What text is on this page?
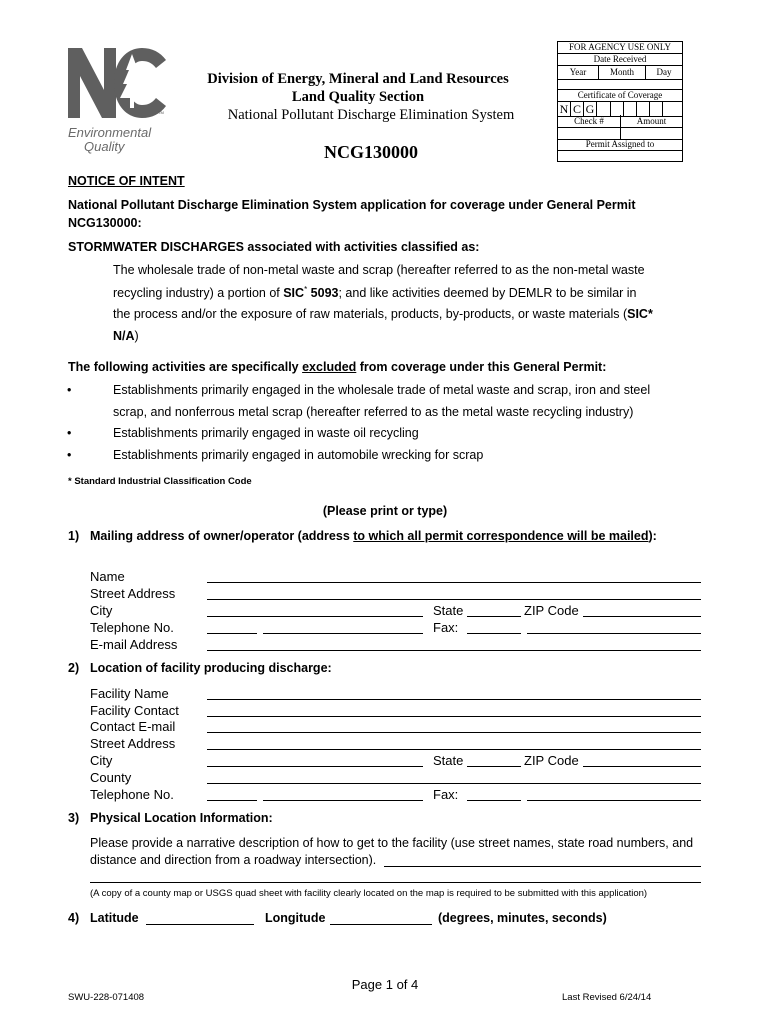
TM
Environmental
Quality
Division of Energy, Mineral and Land Resources
Land Quality Section
National Pollutant Discharge Elimination System
NCG130000
FOR AGENCY USE ONLY
Date Received
Year	Month	Day
Certificate of Coverage
N C G
Check #	Amount
Permit Assigned to
NOTICE OF INTENT
National Pollutant Discharge Elimination System application for coverage under General Permit
NCG130000:
STORMWATER DISCHARGES associated with activities classified as:
The wholesale trade of non-metal waste and scrap (hereafter referred to as the non-metal waste
recycling industry) a portion of SIC* 5093; and like activities deemed by DEMLR to be similar in
the process and/or the exposure of raw materials, products, by-products, or waste materials (SIC*
N/A)
The following activities are specifically excluded from coverage under this General Permit:
•	Establishments primarily engaged in the wholesale trade of metal waste and scrap, iron and steel
scrap, and nonferrous metal scrap (hereafter referred to as the metal waste recycling industry)
•	Establishments primarily engaged in waste oil recycling
•	Establishments primarily engaged in automobile wrecking for scrap
* Standard Industrial Classification Code
(Please print or type)
1) Mailing address of owner/operator (address to which all permit correspondence will be mailed):
Name
Street Address
City	State	ZIP Code
Telephone No.	Fax:
E-mail Address
2) Location of facility producing discharge:
Facility Name
Facility Contact
Contact E-mail
Street Address
City	State	ZIP Code
County
Telephone No.	Fax:
3) Physical Location Information:
Please provide a narrative description of how to get to the facility (use street names, state road numbers, and
distance and direction from a roadway intersection).
(A copy of a county map or USGS quad sheet with facility clearly located on the map is required to be submitted with this application)
4) Latitude	Longitude	(degrees, minutes, seconds)
Page 1 of 4
SWU-228-071408	Last Revised 6/24/14
